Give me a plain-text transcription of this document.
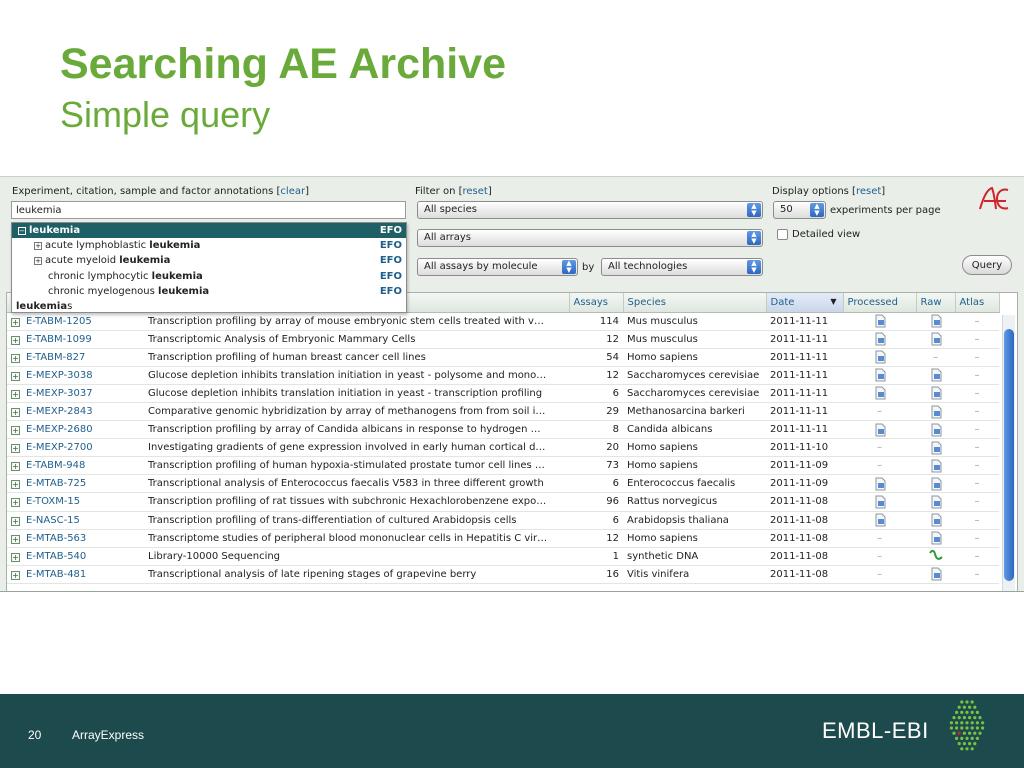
Searching AE Archive
Simple query
Experiment, citation, sample and factor annotations [clear]
leukemia	Filter on [reset]
All species	▲
▼
All arrays	▲
▼
All assays by molecule	▲
▼	by	All technologies	▲
▼
Display options [reset]
50	▲
▼	experiments per page
Detailed view
Query
		Assays	Species	Date ▼	Processed	Raw	Atlas
+ E-TABM-1205	Transcription profiling by array of mouse embryonic stem cells treated with v…	114	Mus musculus	2011-11-11			–
+ E-TABM-1099	Transcriptomic Analysis of Embryonic Mammary Cells	12	Mus musculus	2011-11-11			–
+ E-TABM-827	Transcription profiling of human breast cancer cell lines	54	Homo sapiens	2011-11-11		–	–
+ E-MEXP-3038	Glucose depletion inhibits translation initiation in yeast - polysome and mono…	12	Saccharomyces cerevisiae	2011-11-11			–
+ E-MEXP-3037	Glucose depletion inhibits translation initiation in yeast - transcription profiling	6	Saccharomyces cerevisiae	2011-11-11			–
+ E-MEXP-2843	Comparative genomic hybridization by array of methanogens from from soil i…	29	Methanosarcina barkeri	2011-11-11	–		–
+ E-MEXP-2680	Transcription profiling by array of Candida albicans in response to hydrogen …	8	Candida albicans	2011-11-11			–
+ E-MEXP-2700	Investigating gradients of gene expression involved in early human cortical d…	20	Homo sapiens	2011-11-10	–		–
+ E-TABM-948	Transcription profiling of human hypoxia-stimulated prostate tumor cell lines …	73	Homo sapiens	2011-11-09	–		–
+ E-MTAB-725	Transcriptional analysis of Enterococcus faecalis V583 in three different growth	6	Enterococcus faecalis	2011-11-09			–
+ E-TOXM-15	Transcription profiling of rat tissues with subchronic Hexachlorobenzene expo…	96	Rattus norvegicus	2011-11-08			–
+ E-NASC-15	Transcription profiling of trans-differentiation of cultured Arabidopsis cells	6	Arabidopsis thaliana	2011-11-08			–
+ E-MTAB-563	Transcriptome studies of peripheral blood mononuclear cells in Hepatitis C vir…	12	Homo sapiens	2011-11-08	–		–
+ E-MTAB-540	Library-10000 Sequencing	1	synthetic DNA	2011-11-08	–		–
+ E-MTAB-481	Transcriptional analysis of late ripening stages of grapevine berry	16	Vitis vinifera	2011-11-08	–		–
− leukemia	EFO
+ acute lymphoblastic leukemia	EFO
+ acute myeloid leukemia	EFO
chronic lymphocytic leukemia	EFO
chronic myelogenous leukemia	EFO
leukemias
20	ArrayExpress	EMBL-EBI
